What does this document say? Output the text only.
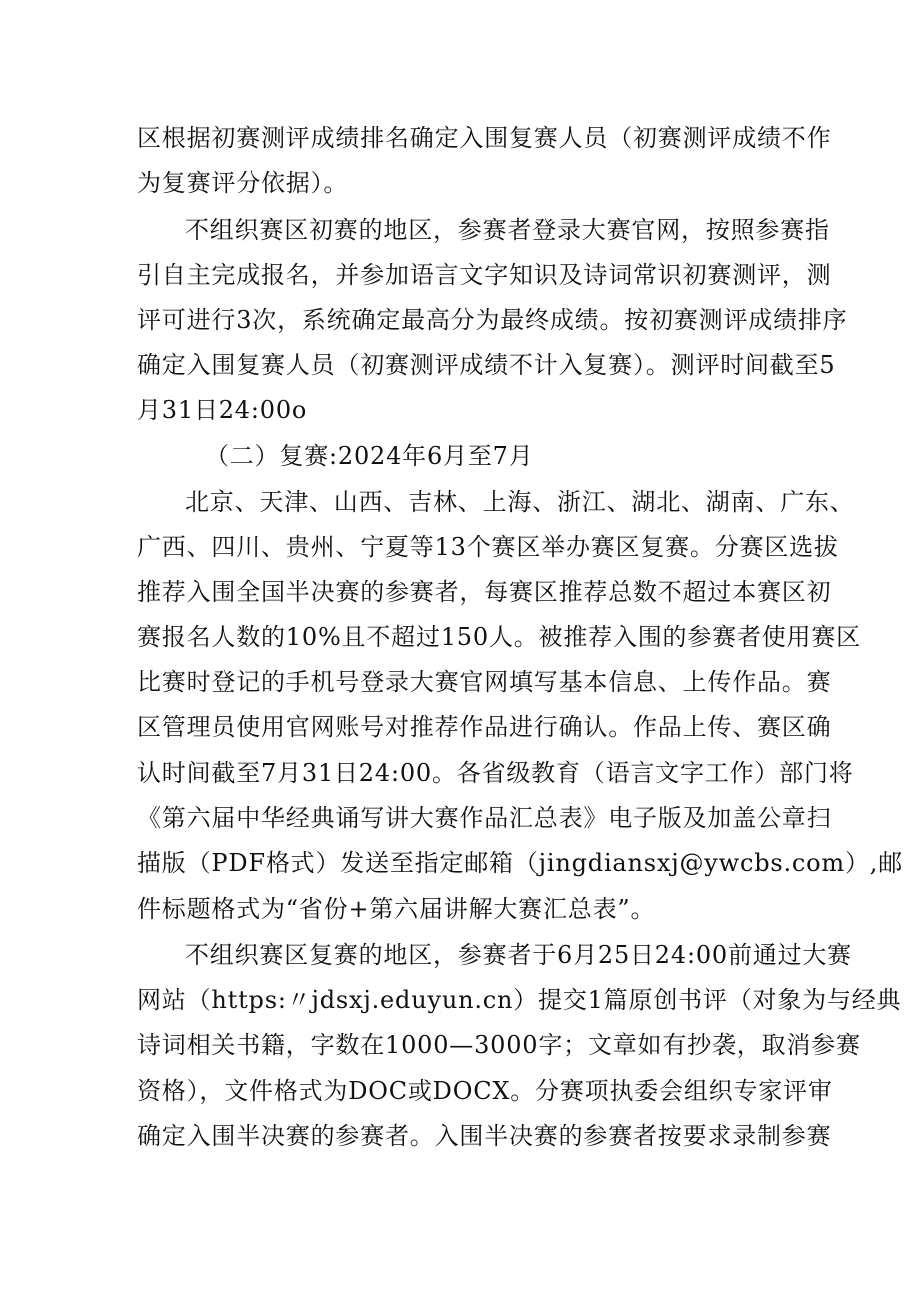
区根据初赛测评成绩排名确定入围复赛人员（初赛测评成绩不作
为复赛评分依据）。
不组织赛区初赛的地区，参赛者登录大赛官网，按照参赛指
引自主完成报名，并参加语言文字知识及诗词常识初赛测评，测
评可进行3次，系统确定最高分为最终成绩。按初赛测评成绩排序
确定入围复赛人员（初赛测评成绩不计入复赛）。测评时间截至5
月31日24:00o
（二）复赛:2024年6月至7月
北京、天津、山西、吉林、上海、浙江、湖北、湖南、广东、
广西、四川、贵州、宁夏等13个赛区举办赛区复赛。分赛区选拔
推荐入围全国半决赛的参赛者，每赛区推荐总数不超过本赛区初
赛报名人数的10%且不超过150人。被推荐入围的参赛者使用赛区
比赛时登记的手机号登录大赛官网填写基本信息、上传作品。赛
区管理员使用官网账号对推荐作品进行确认。作品上传、赛区确
认时间截至7月31日24:00。各省级教育（语言文字工作）部门将
《第六届中华经典诵写讲大赛作品汇总表》电子版及加盖公章扫
描版（PDF格式）发送至指定邮箱（jingdiansxj@ywcbs.com）,邮
件标题格式为“省份+第六届讲解大赛汇总表”。
不组织赛区复赛的地区，参赛者于6月25日24:00前通过大赛
网站（https:〃jdsxj.eduyun.cn）提交1篇原创书评（对象为与经典
诗词相关书籍，字数在1000—3000字；文章如有抄袭，取消参赛
资格），文件格式为DOC或DOCX。分赛项执委会组织专家评审
确定入围半决赛的参赛者。入围半决赛的参赛者按要求录制参赛
